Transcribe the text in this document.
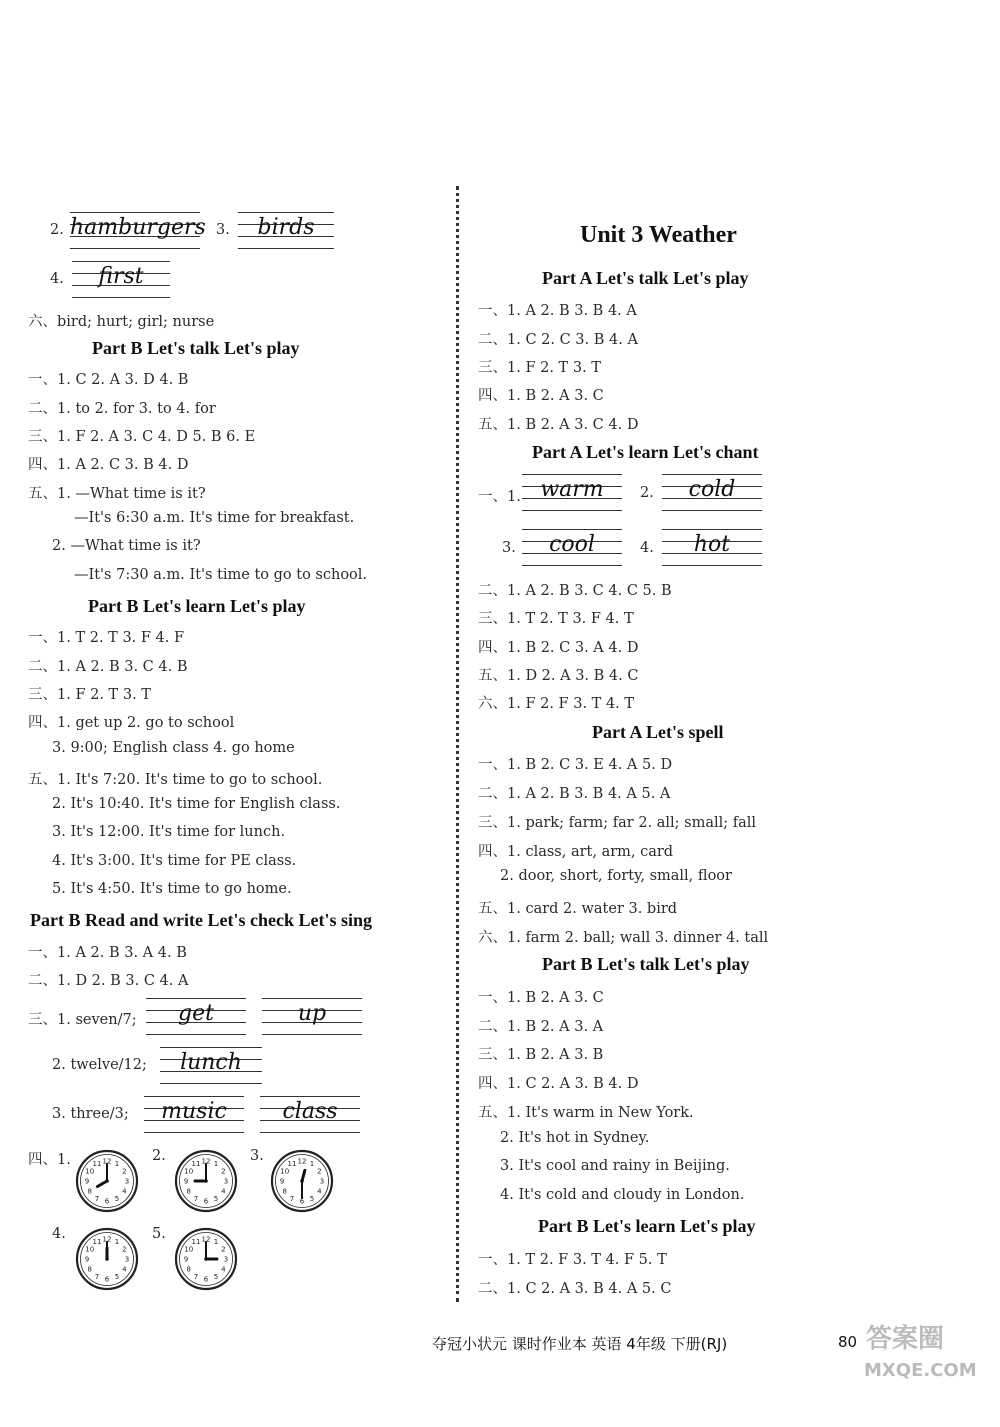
2. hamburgers 3.	birds
4.	first
六、bird; hurt; girl; nurse
Part B Let's talk Let's play
一、1. C 2. A 3. D 4. B
二、1. to 2. for 3. to 4. for
三、1. F 2. A 3. C 4. D 5. B 6. E
四、1. A 2. C 3. B 4. D
五、1. —What time is it?
—It's 6:30 a.m. It's time for breakfast.
2. —What time is it?
—It's 7:30 a.m. It's time to go to school.
Part B Let's learn Let's play
一、1. T 2. T 3. F 4. F
二、1. A 2. B 3. C 4. B
三、1. F 2. T 3. T
四、1. get up 2. go to school
3. 9:00; English class 4. go home
五、1. It's 7:20. It's time to go to school.
2. It's 10:40. It's time for English class.
3. It's 12:00. It's time for lunch.
4. It's 3:00. It's time for PE class.
5. It's 4:50. It's time to go home.
Part B Read and write Let's check Let's sing
一、1. A 2. B 3. A 4. B
二、1. D 2. B 3. C 4. A
三、1. seven/7;	get	up
2. twelve/12;	lunch
3. three/3;	music	class
四、1.	2.	3.
4.	5.
1
2
3
4
5
6
7
8
9
10
11 12	1
2
3
4
5
6
7
8
9
10
11 12	1
2
3
4
5
6
7
8
9
10
11 12
1
2
3
4
5
6
7
8
9
10
11 12	1
2
3
4
5
6
7
8
9
10
11 12
Unit 3 Weather
Part A Let's talk Let's play
一、1. A 2. B 3. B 4. A
二、1. C 2. C 3. B 4. A
三、1. F 2. T 3. T
四、1. B 2. A 3. C
五、1. B 2. A 3. C 4. D
Part A Let's learn Let's chant
一、1. warm	2.	cold
3.	cool	4.	hot
二、1. A 2. B 3. C 4. C 5. B
三、1. T 2. T 3. F 4. T
四、1. B 2. C 3. A 4. D
五、1. D 2. A 3. B 4. C
六、1. F 2. F 3. T 4. T
Part A Let's spell
一、1. B 2. C 3. E 4. A 5. D
二、1. A 2. B 3. B 4. A 5. A
三、1. park; farm; far 2. all; small; fall
四、1. class, art, arm, card
2. door, short, forty, small, floor
五、1. card 2. water 3. bird
六、1. farm 2. ball; wall 3. dinner 4. tall
Part B Let's talk Let's play
一、1. B 2. A 3. C
二、1. B 2. A 3. A
三、1. B 2. A 3. B
四、1. C 2. A 3. B 4. D
五、1. It's warm in New York.
2. It's hot in Sydney.
3. It's cool and rainy in Beijing.
4. It's cold and cloudy in London.
Part B Let's learn Let's play
一、1. T 2. F 3. T 4. F 5. T
二、1. C 2. A 3. B 4. A 5. C
夺冠小状元 课时作业本 英语 4年级 下册(RJ)	80 答案圈
MXQE.COM
